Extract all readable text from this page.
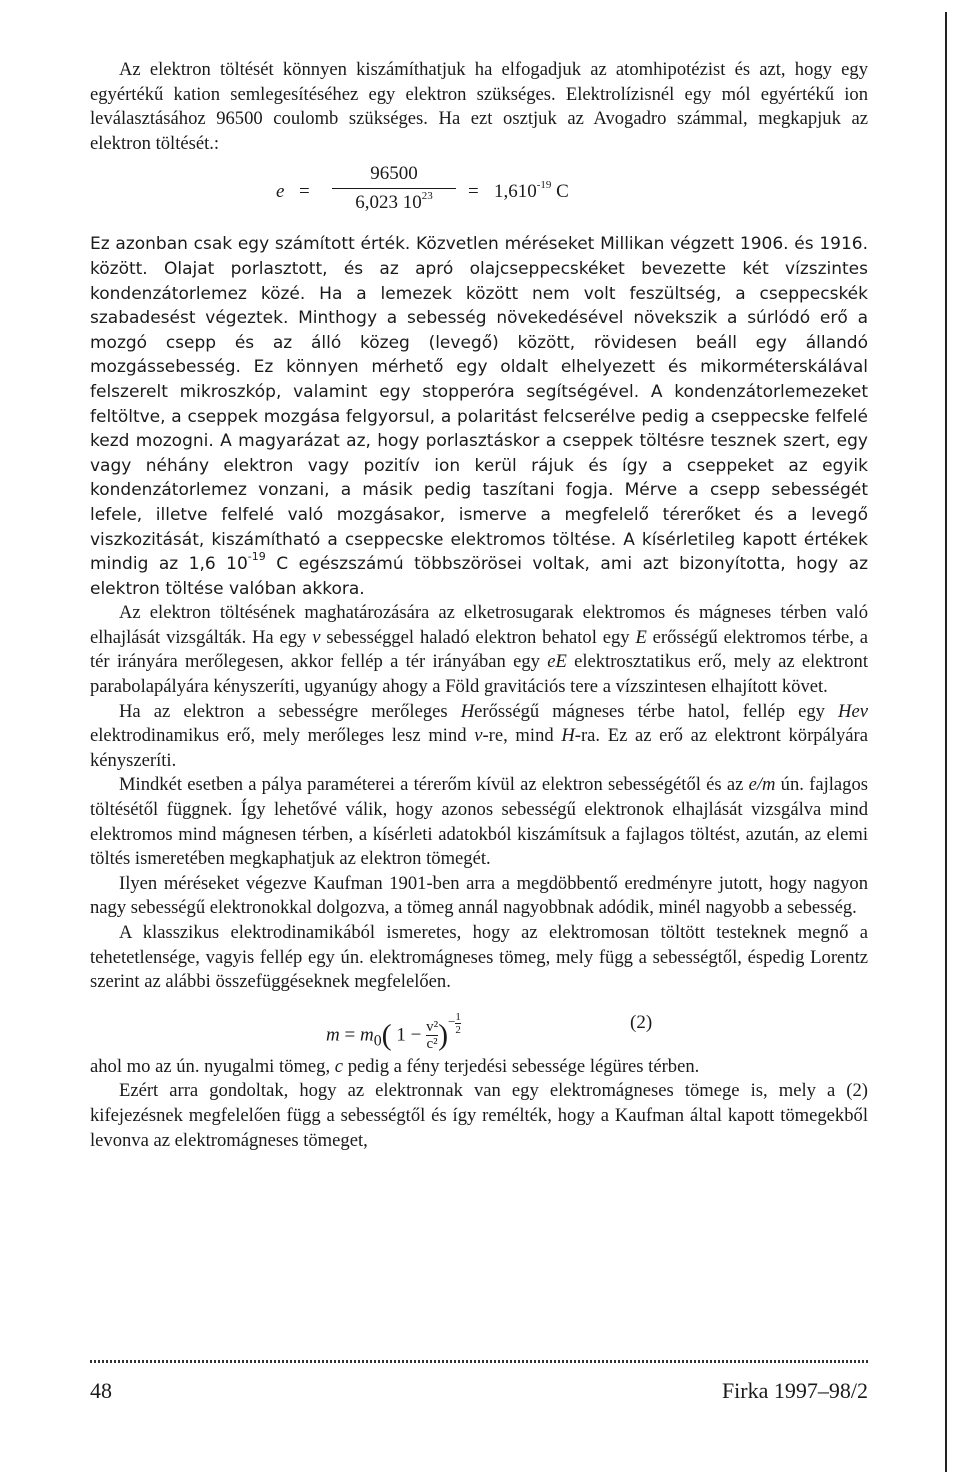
Az elektron töltését könnyen kiszámíthatjuk ha elfogadjuk az atomhipotézist és azt, hogy egy egyértékű kation semlegesítéséhez egy elektron szükséges. Elektrolízisnél egy mól egyértékű ion leválasztásához 96500 coulomb szükséges. Ha ezt osztjuk az Avogadro számmal, megkapjuk az elektron töltését.:

$e = \frac{96500}{6,023 10^{23}} = 1,610^{-19}$ C

Ez azonban csak egy számított érték. Közvetlen méréseket Millikan végzett 1906. és 1916. között. Olajat porlasztott, és az apró olajcseppecskéket bevezette két vízszintes kondenzátorlemez közé. Ha a lemezek között nem volt feszültség, a cseppecskék szabadesést végeztek. Minthogy a sebesség növekedésével növekszik a súrlódó erő a mozgó csepp és az álló közeg (levegő) között, rövidesen beáll egy állandó mozgássebesség. Ez könnyen mérhető egy oldalt elhelyezett és mikorméterskálával felszerelt mikroszkóp, valamint egy stopperóra segítségével. A kondenzátorlemezeket feltöltve, a cseppek mozgása felgyorsul, a polaritást felcserélve pedig a cseppecske felfelé kezd mozogni. A magyarázat az, hogy porlasztáskor a cseppek töltésre tesznek szert, egy vagy néhány elektron vagy pozitív ion kerül rájuk és így a cseppeket az egyik kondenzátorlemez vonzani, a másik pedig taszítani fogja. Mérve a csepp sebességét lefele, illetve felfelé való mozgásakor, ismerve a megfelelő térerőket és a levegő viszkozitását, kiszámítható a cseppecske elektromos töltése. A kísérletileg kapott értékek mindig az 1,6 $10^{-19}$ C egészszámú többszörösei voltak, ami azt bizonyította, hogy az elektron töltése valóban akkora.

Az elektron töltésének maghatározására az elketrosugarak elektromos és mágneses térben való elhajlását vizsgálták. Ha egy v sebességgel haladó elektron behatol egy E erősségű elektromos térbe, a tér irányára merőlegesen, akkor fellép a tér irányában egy eE elektrosztatikus erő, mely az elektront parabolapályára kényszeríti, ugyanúgy ahogy a Föld gravitációs tere a vízszintesen elhajított követ.

Ha az elektron a sebességre merőleges Herősségű mágneses térbe hatol, fellép egy Hev elektrodinamikus erő, mely merőleges lesz mind v-re, mind H-ra. Ez az erő az elektront körpályára kényszeríti.

Mindkét esetben a pálya paraméterei a térerőm kívül az elektron sebességétől és az e/m ún. fajlagos töltésétől függnek. Így lehetővé válik, hogy azonos sebességű elektronok elhajlását vizsgálva mind elektromos mind mágnesen térben, a kísérleti adatokból kiszámítsuk a fajlagos töltést, azután, az elemi töltés ismeretében megkaphatjuk az elektron tömegét.

Ilyen méréseket végezve Kaufman 1901-ben arra a megdöbbentő eredményre jutott, hogy nagyon nagy sebességű elektronokkal dolgozva, a tömeg annál nagyobbnak adódik, minél nagyobb a sebesség.

A klasszikus elektrodinamikából ismeretes, hogy az elektromosan töltött testeknek megnő a tehetetlensége, vagyis fellép egy ún. elektromágneses tömeg, mely függ a sebességtől, éspedig Lorentz szerint az alábbi összefüggéseknek megfelelően.

$m = m_0$( $1 - \frac{\text{v²}}{\text{c²}} )^{- \frac{1}{2}}$	(2)

ahol mo az ún. nyugalmi tömeg, c pedig a fény terjedési sebessége légüres térben.

Ezért arra gondoltak, hogy az elektronnak van egy elektromágneses tömege is, mely a (2) kifejezésnek megfelelően függ a sebességtől és így remélték, hogy a Kaufman által kapott tömegekből levonva az elektromágneses tömeget,

48	Firka 1997–98/2
